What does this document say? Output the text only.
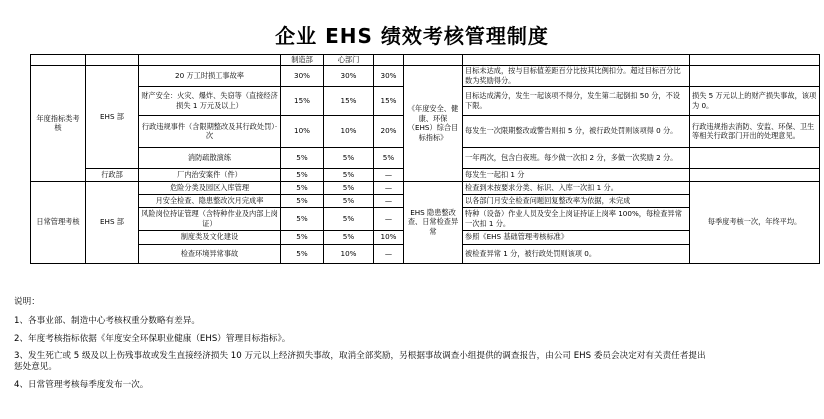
企业 EHS 绩效考核管理制度
			制造部	心部门				
年度指标类考核	EHS 部	20 万工时损工事故率	30%	30%	30%	《年度安全、健康、环保（EHS）综合目标指标》	目标未达成，按与目标值差距百分比按其比例扣分。超过目标百分比数为奖励得分。	
		财产安全：火灾、爆炸、失窃等（直接经济损失 1 万元及以上）	15%	15%	15%		目标达成满分，发生一起该项不得分，发生第二起倒扣 50 分，不设下限。	损失 5 万元以上的财产损失事故，该项为 0。
		行政违规事件（含限期整改及其行政处罚）·次	10%	10%	20%		每发生一次限期整改或警告则扣 5 分，被行政处罚则该项得 0 分。	行政违规指去消防、安监、环保、卫生等相关行政部门开出的处理意见。
		消防疏散演练	5%	5%	5%		一年两次，包含白夜班。每少做一次扣 2 分，多做一次奖励 2 分。	
	行政部	厂内治安案件（件）	5%	5%	—		每发生一起扣 1 分	
日常管理考核	EHS 部	危险分类及园区入库管理	5%	5%	—	EHS 隐患整改查、日常检查异常	检查到未按要求分类、标识、入库一次扣 1 分。	每季度考核一次，年终平均。
		月安全检查、隐患整改次月完成率	5%	5%	—		以各部门月安全检查问题回复整改率为依据，未完成	
		风险岗位持证管理（含特种作业及内部上岗证）	5%	5%	—		特种（设备）作业人员及安全上岗证持证上岗率 100%，每检查异常一次扣 1 分。	
		制度类及文化建设	5%	5%	10%		参照《EHS 基础管理考核标准》	
		检查环境异常事故	5%	10%	—		被检查异常 1 分，被行政处罚则该项 0。	
说明：
1、各事业部、制造中心考核权重分数略有差异。
2、年度考核指标依据《年度安全环保职业健康（EHS）管理目标指标》。
3、发生死亡或 5 级及以上伤残事故或发生直接经济损失 10 万元以上经济损失事故，取消全部奖励，另根据事故调查小组提供的调查报告，由公司 EHS 委员会决定对有关责任者提出
惩处意见。
4、日常管理考核每季度发布一次。
